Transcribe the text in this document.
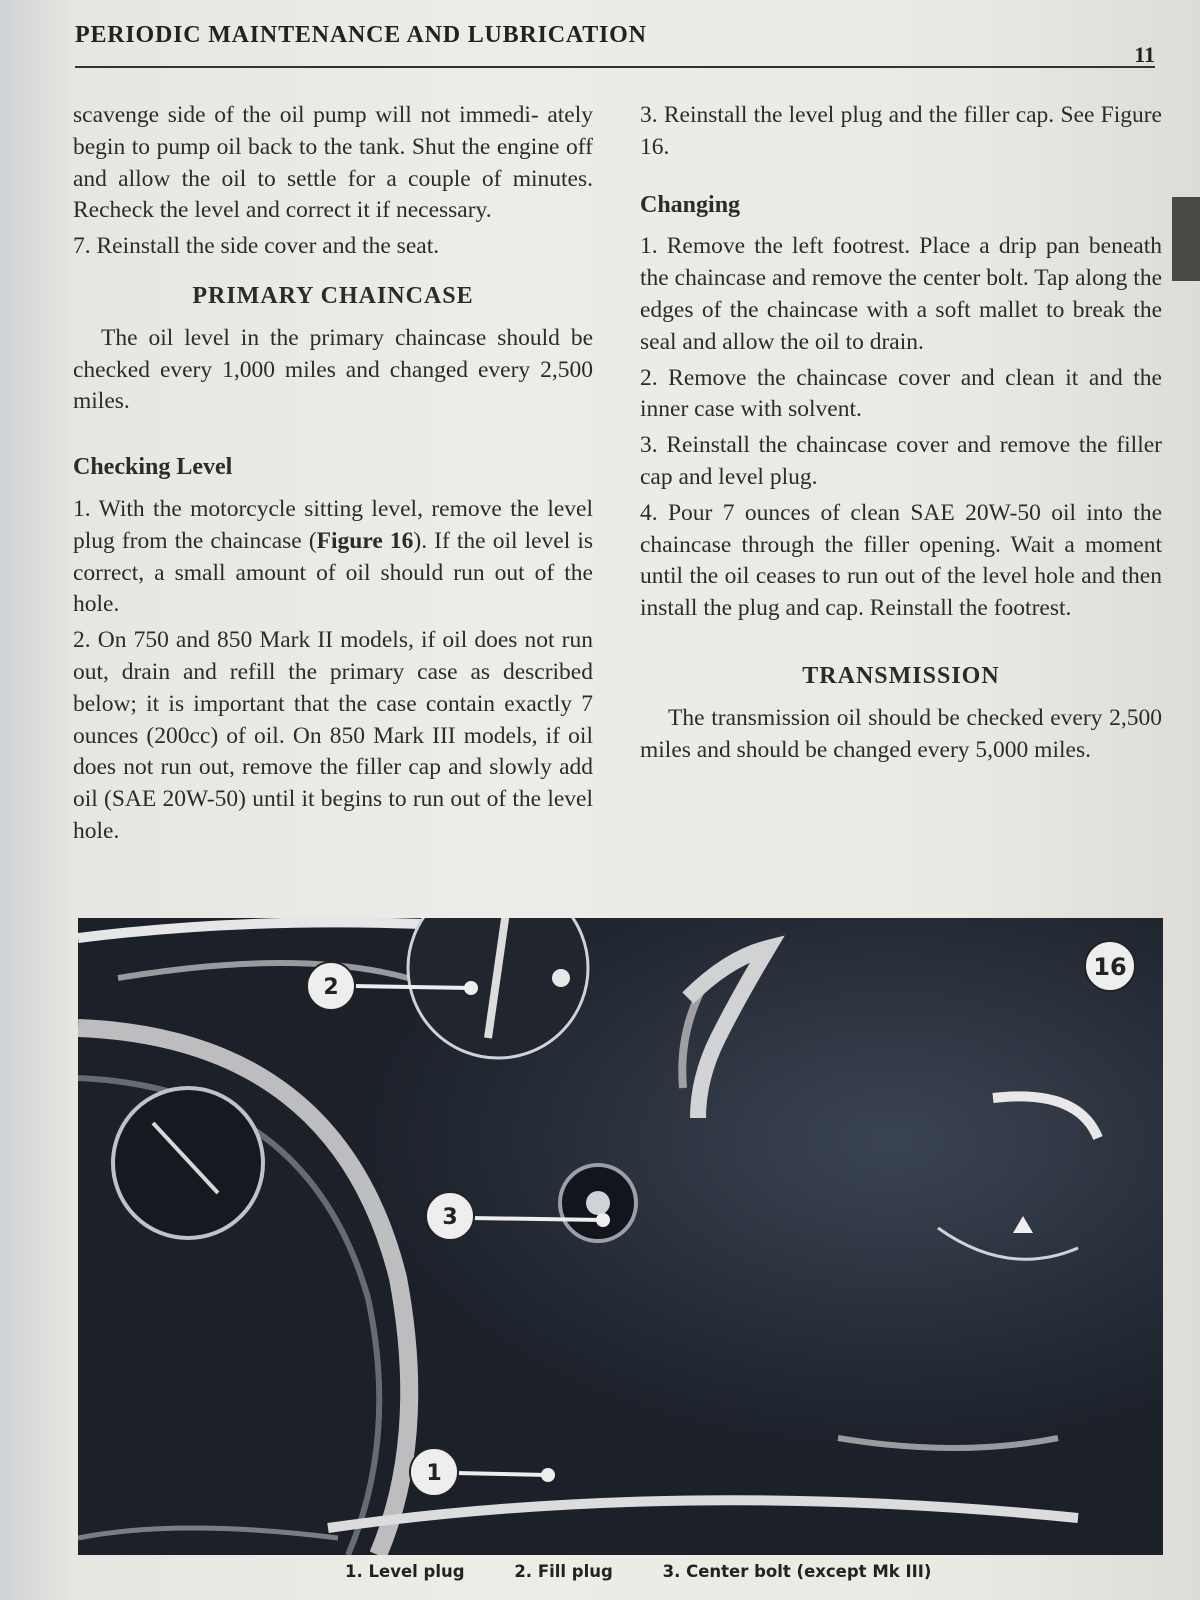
PERIODIC MAINTENANCE AND LUBRICATION
11

scavenge side of the oil pump will not immedi- ately begin to pump oil back to the tank. Shut the engine off and allow the oil to settle for a couple of minutes. Recheck the level and correct it if necessary.

7. Reinstall the side cover and the seat.

PRIMARY CHAINCASE

The oil level in the primary chaincase should be checked every 1,000 miles and changed every 2,500 miles.

Checking Level

1. With the motorcycle sitting level, remove the level plug from the chaincase (Figure 16). If the oil level is correct, a small amount of oil should run out of the hole.

2. On 750 and 850 Mark II models, if oil does not run out, drain and refill the primary case as described below; it is important that the case contain exactly 7 ounces (200cc) of oil. On 850 Mark III models, if oil does not run out, remove the filler cap and slowly add oil (SAE 20W-50) until it begins to run out of the level hole.

3. Reinstall the level plug and the filler cap. See Figure 16.

Changing

1. Remove the left footrest. Place a drip pan beneath the chaincase and remove the center bolt. Tap along the edges of the chaincase with a soft mallet to break the seal and allow the oil to drain.

2. Remove the chaincase cover and clean it and the inner case with solvent.

3. Reinstall the chaincase cover and remove the filler cap and level plug.

4. Pour 7 ounces of clean SAE 20W-50 oil into the chaincase through the filler opening. Wait a moment until the oil ceases to run out of the level hole and then install the plug and cap. Reinstall the footrest.

TRANSMISSION

The transmission oil should be checked every 2,500 miles and should be changed every 5,000 miles.

2
3
1
16
1. Level plug	2. Fill plug	3. Center bolt (except Mk III)
